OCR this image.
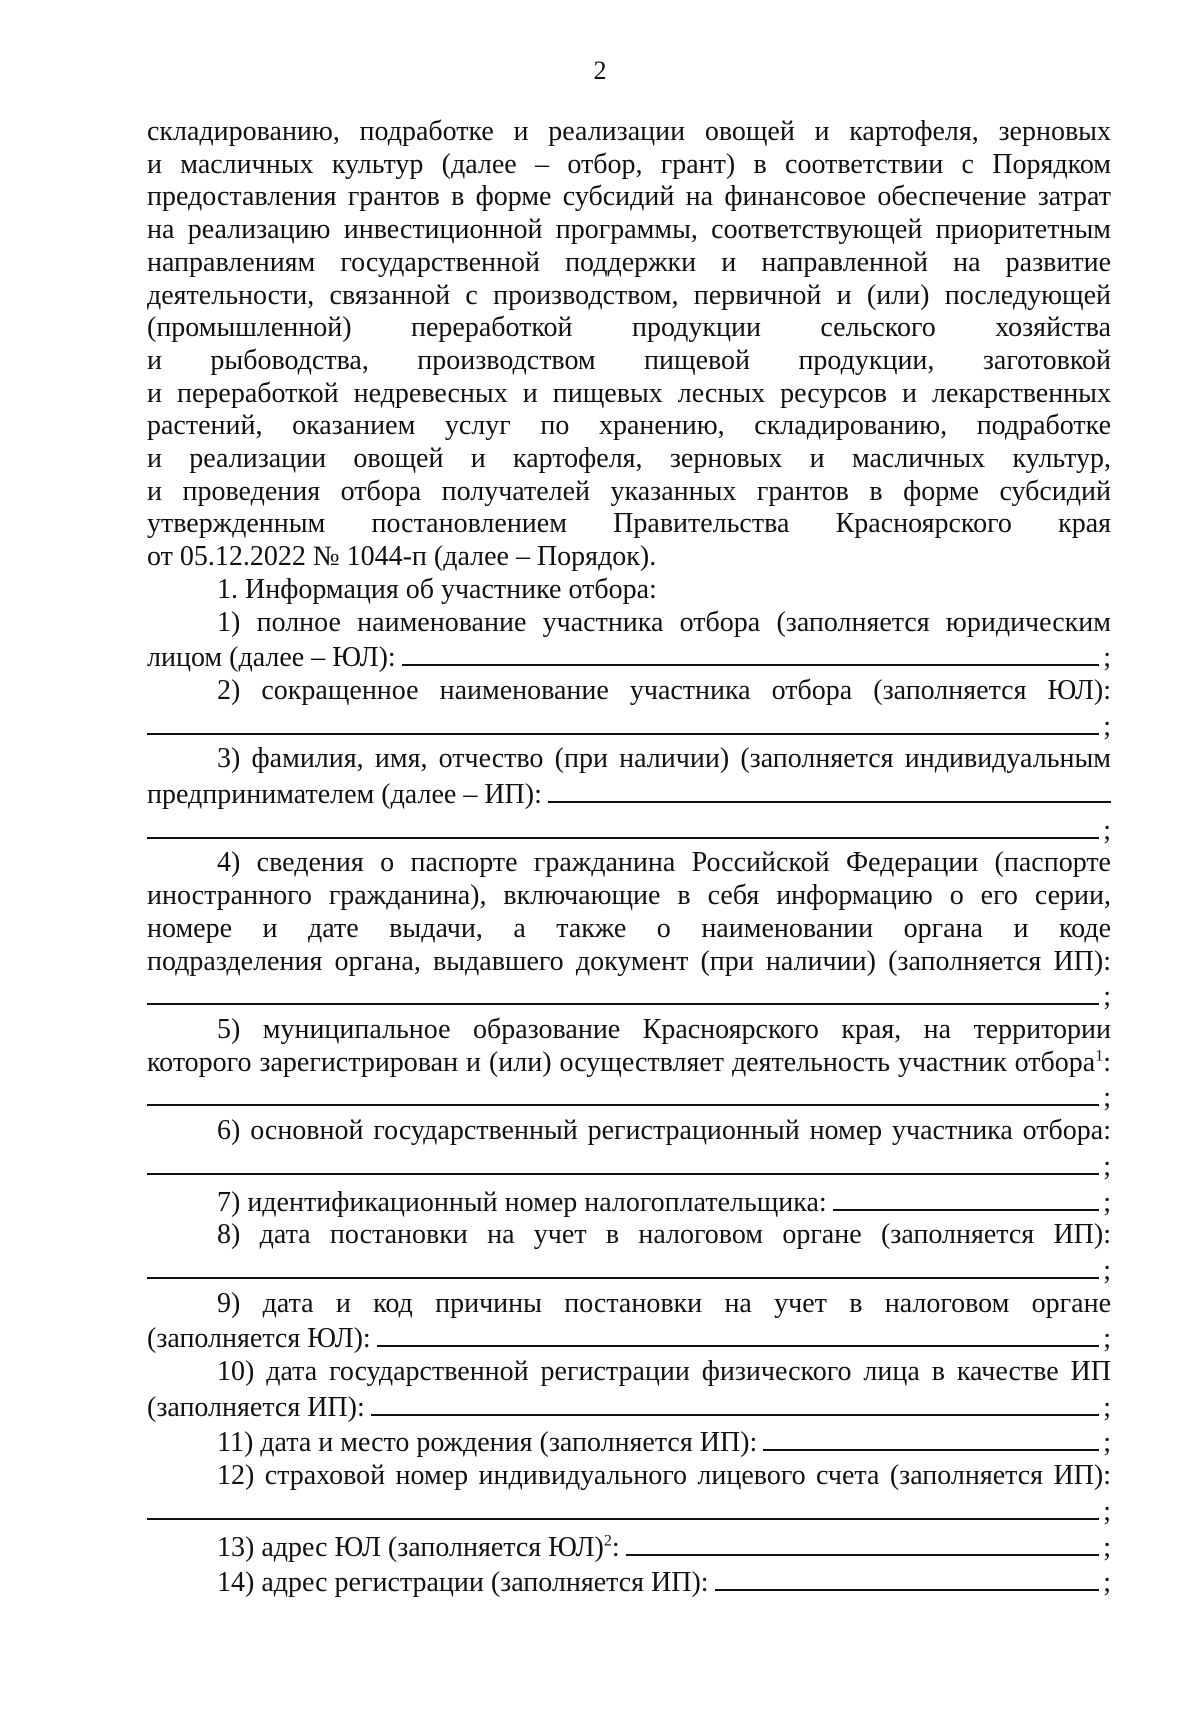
2

складированию, подработке и реализации овощей и картофеля, зерновых

и масличных культур (далее – отбор, грант) в соответствии с Порядком

предоставления грантов в форме субсидий на финансовое обеспечение затрат

на реализацию инвестиционной программы, соответствующей приоритетным

направлениям государственной поддержки и направленной на развитие

деятельности, связанной с производством, первичной и (или) последующей

(промышленной) переработкой продукции сельского хозяйства

и рыбоводства, производством пищевой продукции, заготовкой

и переработкой недревесных и пищевых лесных ресурсов и лекарственных

растений, оказанием услуг по хранению, складированию, подработке

и реализации овощей и картофеля, зерновых и масличных культур,

и проведения отбора получателей указанных грантов в форме субсидий

утвержденным постановлением Правительства Красноярского края

от 05.12.2022 № 1044-п (далее – Порядок).

1. Информация об участнике отбора:

1) полное наименование участника отбора (заполняется юридическим

лицом (далее – ЮЛ):	;

2) сокращенное наименование участника отбора (заполняется ЮЛ):

;

3) фамилия, имя, отчество (при наличии) (заполняется индивидуальным

предпринимателем (далее – ИП):
;

4) сведения о паспорте гражданина Российской Федерации (паспорте

иностранного гражданина), включающие в себя информацию о его серии,

номере и дате выдачи, а также о наименовании органа и коде

подразделения органа, выдавшего документ (при наличии) (заполняется ИП):

;

5) муниципальное образование Красноярского края, на территории

которого зарегистрирован и (или) осуществляет деятельность участник отбора$^1$:

;

6) основной государственный регистрационный номер участника отбора:

;
7) идентификационный номер налогоплательщика:	;

8) дата постановки на учет в налоговом органе (заполняется ИП):

;

9) дата и код причины постановки на учет в налоговом органе

(заполняется ЮЛ):	;

10) дата государственной регистрации физического лица в качестве ИП

(заполняется ИП):	;
11) дата и место рождения (заполняется ИП):	;

12) страховой номер индивидуального лицевого счета (заполняется ИП):

;
13) адрес ЮЛ (заполняется ЮЛ)$^2$:	;
14) адрес регистрации (заполняется ИП):	;
